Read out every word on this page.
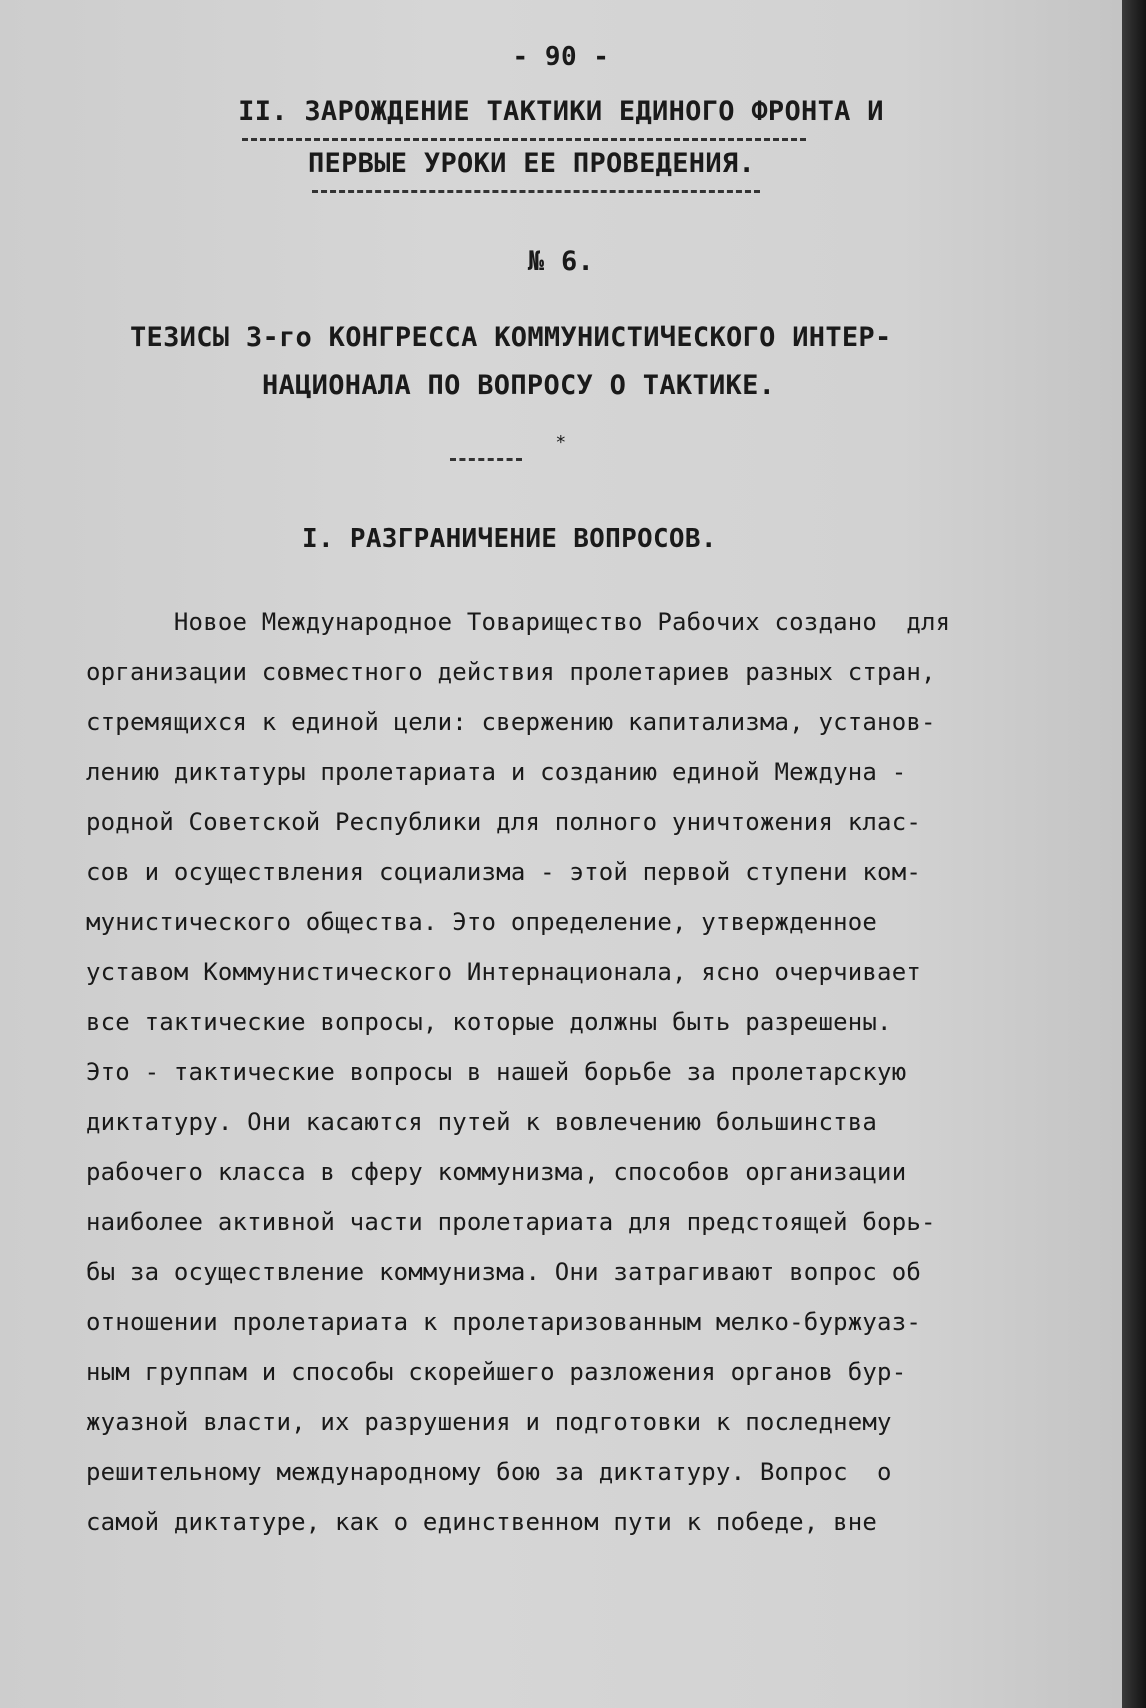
- 90 -
II. ЗАРОЖДЕНИЕ ТАКТИКИ ЕДИНОГО ФРОНТА И
ПЕРВЫЕ УРОКИ ЕЕ ПРОВЕДЕНИЯ.
№ 6.
ТЕЗИСЫ 3-го КОНГРЕССА КОММУНИСТИЧЕСКОГО ИНТЕР-
НАЦИОНАЛА ПО ВОПРОСУ О ТАКТИКЕ.
*
I. РАЗГРАНИЧЕНИЕ ВОПРОСОВ.
Новое Международное Товарищество Рабочих создано  для
организации совместного действия пролетариев разных стран,
стремящихся к единой цели: свержению капитализма, установ-
лению диктатуры пролетариата и созданию единой Междуна -
родной Советской Республики для полного уничтожения клас-
сов и осуществления социализма - этой первой ступени ком-
мунистического общества. Это определение, утвержденное
уставом Коммунистического Интернационала, ясно очерчивает
все тактические вопросы, которые должны быть разрешены.
Это - тактические вопросы в нашей борьбе за пролетарскую
диктатуру. Они касаются путей к вовлечению большинства
рабочего класса в сферу коммунизма, способов организации
наиболее активной части пролетариата для предстоящей борь-
бы за осуществление коммунизма. Они затрагивают вопрос об
отношении пролетариата к пролетаризованным мелко-буржуаз-
ным группам и способы скорейшего разложения органов бур-
жуазной власти, их разрушения и подготовки к последнему
решительному международному бою за диктатуру. Вопрос  о
самой диктатуре, как о единственном пути к победе, вне
